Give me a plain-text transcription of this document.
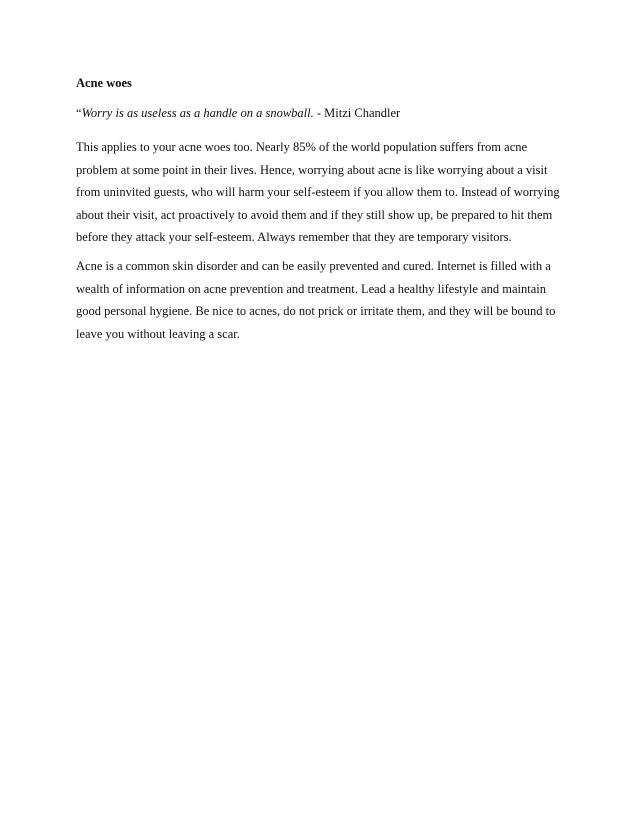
Acne woes
“Worry is as useless as a handle on a snowball. - Mitzi Chandler
This applies to your acne woes too. Nearly 85% of the world population suffers from acne
problem at some point in their lives. Hence, worrying about acne is like worrying about a visit
from uninvited guests, who will harm your self-esteem if you allow them to. Instead of worrying
about their visit, act proactively to avoid them and if they still show up, be prepared to hit them
before they attack your self-esteem. Always remember that they are temporary visitors.
Acne is a common skin disorder and can be easily prevented and cured. Internet is filled with a
wealth of information on acne prevention and treatment. Lead a healthy lifestyle and maintain
good personal hygiene. Be nice to acnes, do not prick or irritate them, and they will be bound to
leave you without leaving a scar.
